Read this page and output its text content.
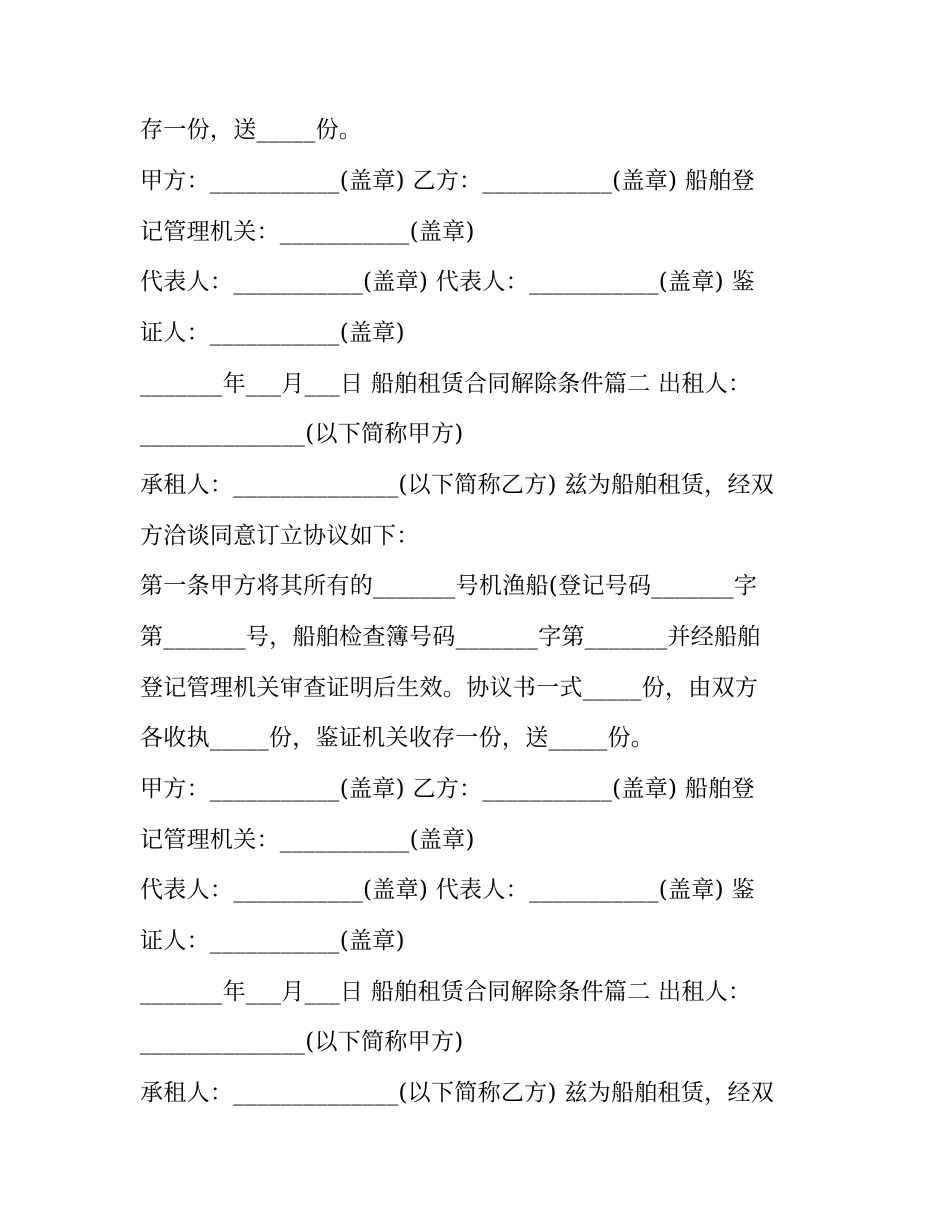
存一份，送_____份。
甲方：___________(盖章) 乙方：___________(盖章) 船舶登
记管理机关：___________(盖章)
代表人：___________(盖章) 代表人：___________(盖章) 鉴
证人：___________(盖章)
_______年___月___日 船舶租赁合同解除条件篇二 出租人：
______________(以下简称甲方)
承租人：______________(以下简称乙方) 兹为船舶租赁，经双
方洽谈同意订立协议如下：
第一条甲方将其所有的_______号机渔船(登记号码_______字
第_______号，船舶检查簿号码_______字第_______并经船舶
登记管理机关审查证明后生效。协议书一式_____份，由双方
各收执_____份，鉴证机关收存一份，送_____份。
甲方：___________(盖章) 乙方：___________(盖章) 船舶登
记管理机关：___________(盖章)
代表人：___________(盖章) 代表人：___________(盖章) 鉴
证人：___________(盖章)
_______年___月___日 船舶租赁合同解除条件篇二 出租人：
______________(以下简称甲方)
承租人：______________(以下简称乙方) 兹为船舶租赁，经双
